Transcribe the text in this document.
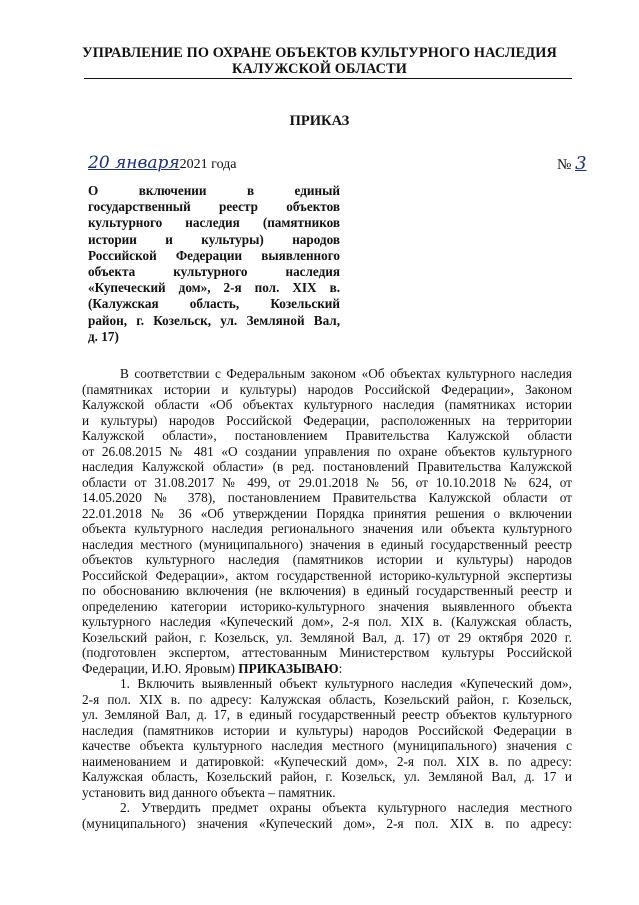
УПРАВЛЕНИЕ ПО ОХРАНЕ ОБЪЕКТОВ КУЛЬТУРНОГО НАСЛЕДИЯ
КАЛУЖСКОЙ ОБЛАСТИ
ПРИКАЗ
20 января2021 года	№ 3
О включении в единый
государственный реестр объектов
культурного наследия (памятников
истории и культуры) народов
Российской Федерации выявленного
объекта культурного наследия
«Купеческий дом», 2-я пол. XIX в.
(Калужская область, Козельский
район, г. Козельск, ул. Земляной Вал,
д. 17)
В соответствии с Федеральным законом «Об объектах культурного наследия
(памятниках истории и культуры) народов Российской Федерации», Законом
Калужской области «Об объектах культурного наследия (памятниках истории
и культуры) народов Российской Федерации, расположенных на территории
Калужской области», постановлением Правительства Калужской области
от 26.08.2015 № 481 «О создании управления по охране объектов культурного
наследия Калужской области» (в ред. постановлений Правительства Калужской
области от 31.08.2017 № 499, от 29.01.2018 № 56, от 10.10.2018 № 624, от
14.05.2020 № 378), постановлением Правительства Калужской области от
22.01.2018 № 36 «Об утверждении Порядка принятия решения о включении
объекта культурного наследия регионального значения или объекта культурного
наследия местного (муниципального) значения в единый государственный реестр
объектов культурного наследия (памятников истории и культуры) народов
Российской Федерации», актом государственной историко-культурной экспертизы
по обоснованию включения (не включения) в единый государственный реестр и
определению категории историко-культурного значения выявленного объекта
культурного наследия «Купеческий дом», 2-я пол. XIX в. (Калужская область,
Козельский район, г. Козельск, ул. Земляной Вал, д. 17) от 29 октября 2020 г.
(подготовлен экспертом, аттестованным Министерством культуры Российской
Федерации, И.Ю. Яровым) ПРИКАЗЫВАЮ:
1. Включить выявленный объект культурного наследия «Купеческий дом»,
2-я пол. XIX в. по адресу: Калужская область, Козельский район, г. Козельск,
ул. Земляной Вал, д. 17, в единый государственный реестр объектов культурного
наследия (памятников истории и культуры) народов Российской Федерации в
качестве объекта культурного наследия местного (муниципального) значения с
наименованием и датировкой: «Купеческий дом», 2-я пол. XIX в. по адресу:
Калужская область, Козельский район, г. Козельск, ул. Земляной Вал, д. 17 и
установить вид данного объекта – памятник.
2. Утвердить предмет охраны объекта культурного наследия местного
(муниципального) значения «Купеческий дом», 2-я пол. XIX в. по адресу:
